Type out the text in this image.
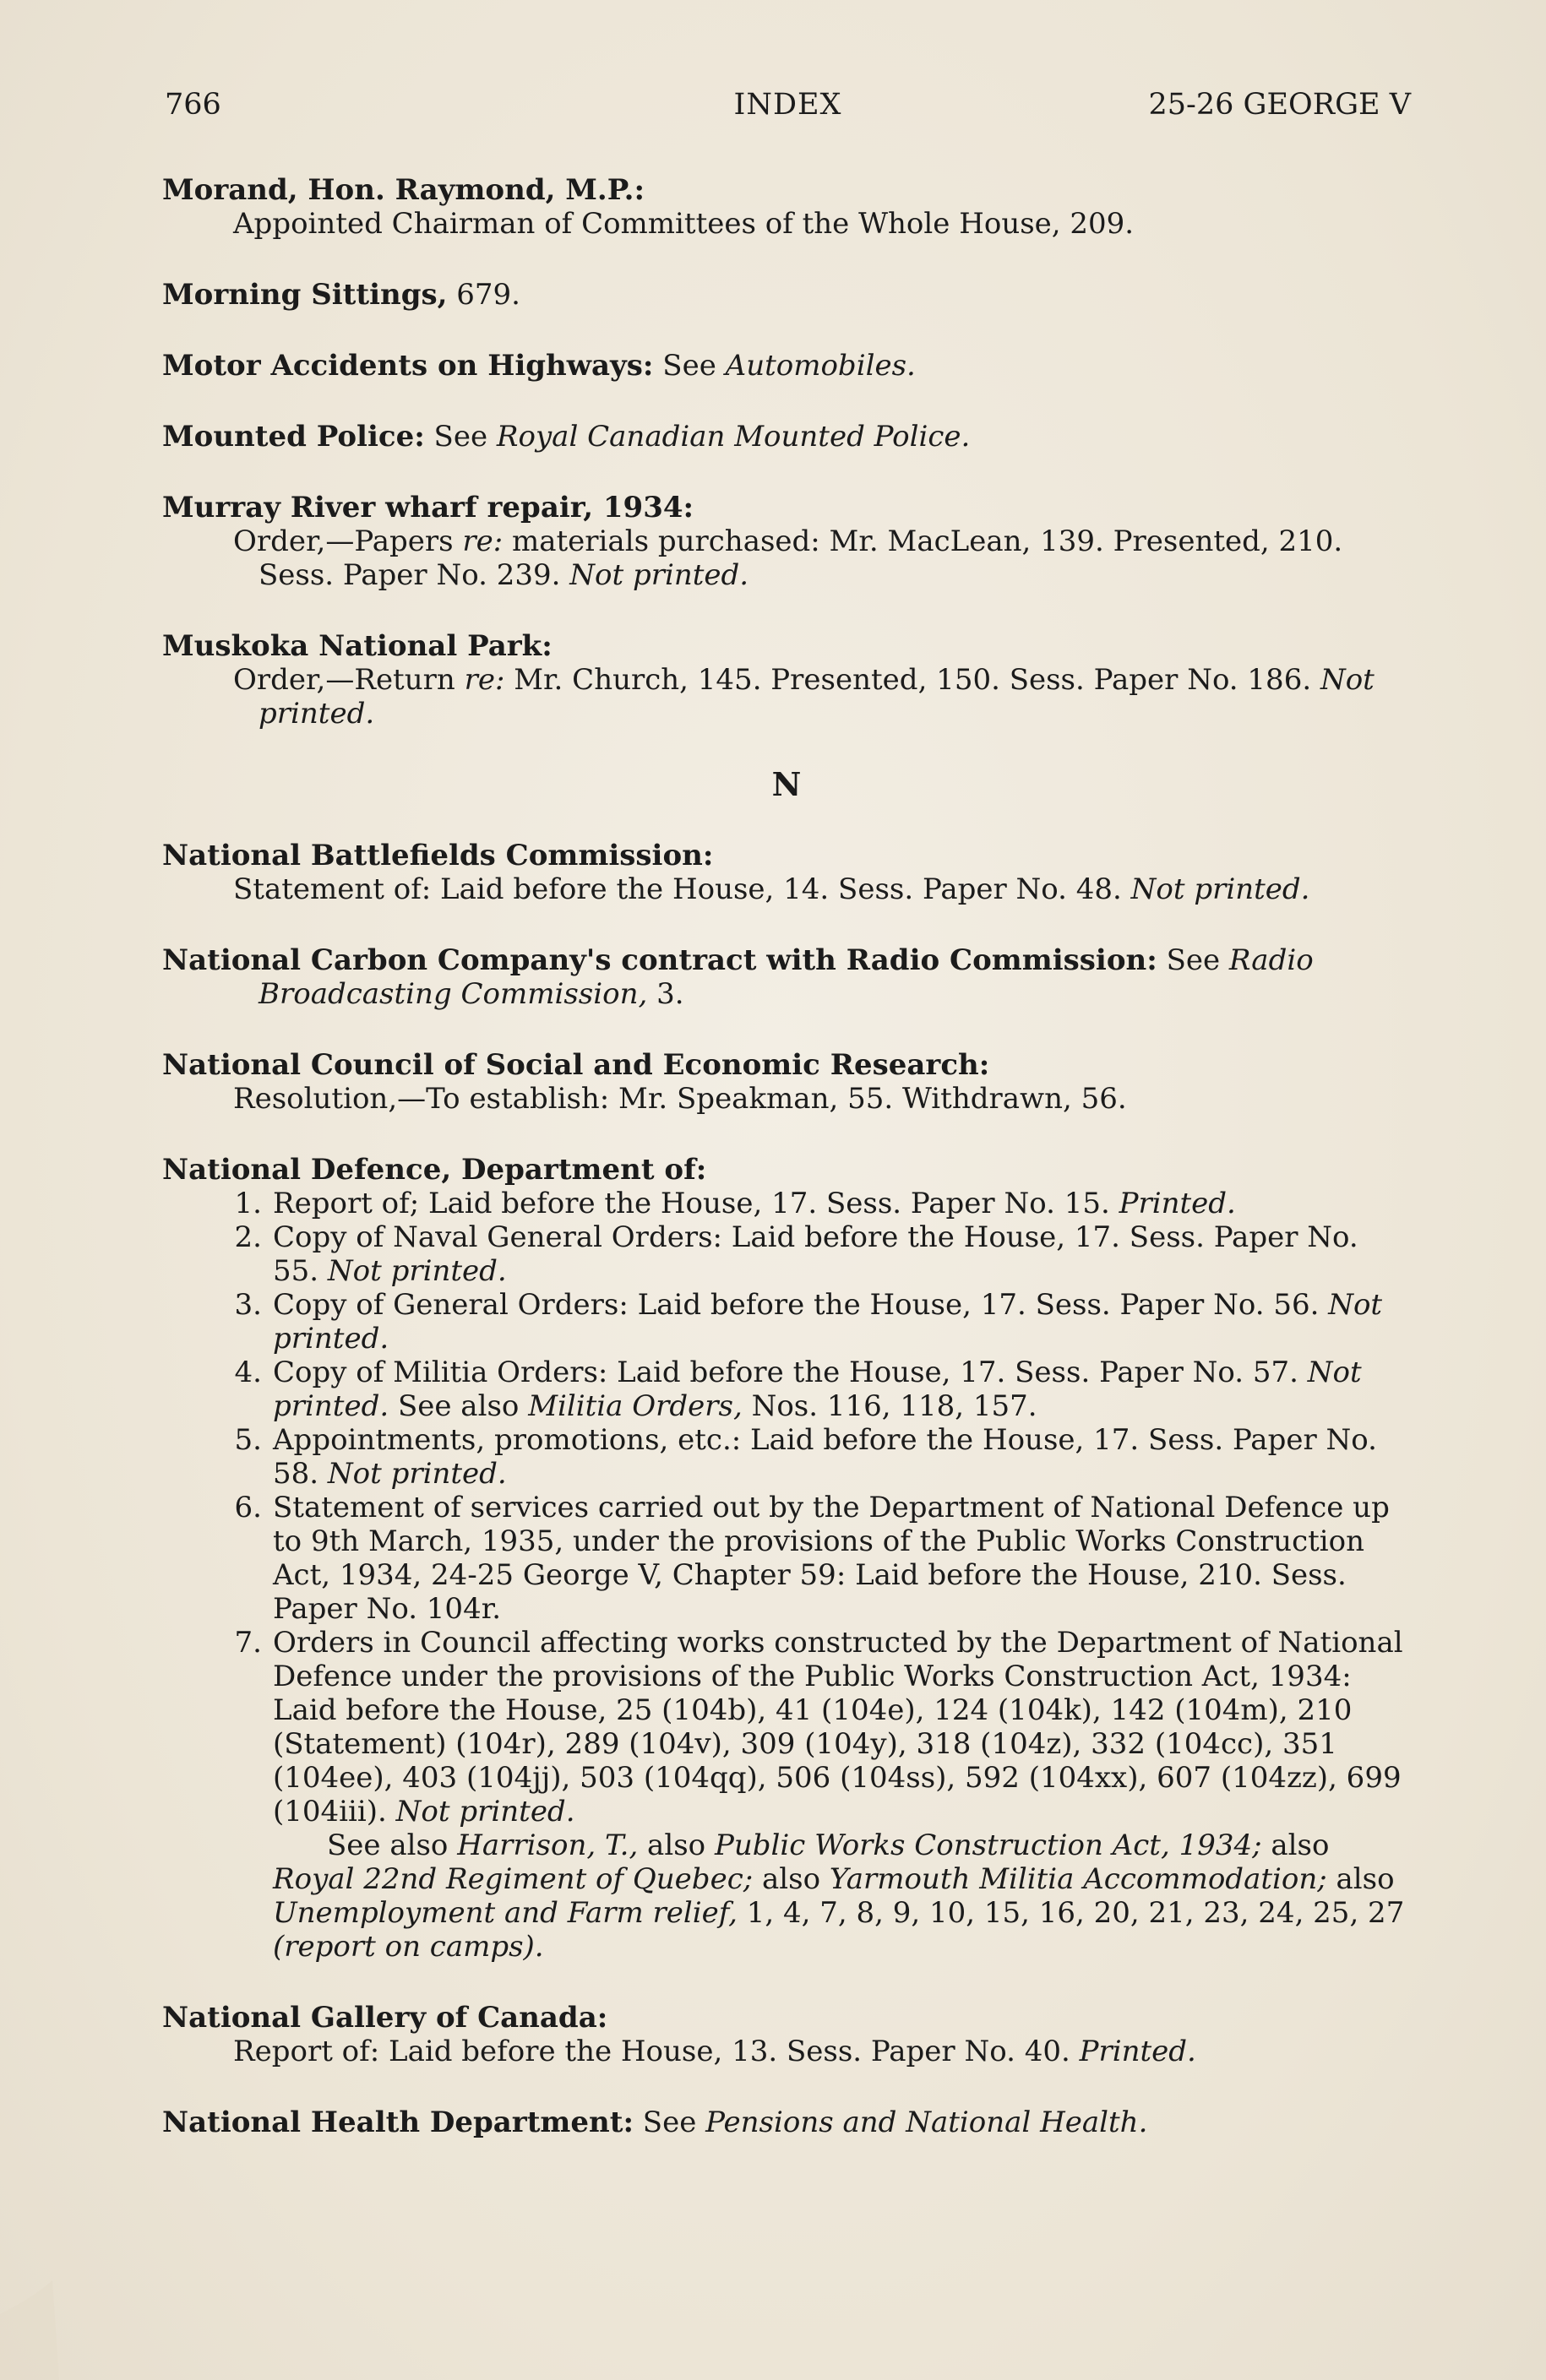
766	INDEX	25-26 GEORGE V
Morand, Hon. Raymond, M.P.:
Appointed Chairman of Committees of the Whole House, 209.
Morning Sittings, 679.
Motor Accidents on Highways: See Automobiles.
Mounted Police: See Royal Canadian Mounted Police.
Murray River wharf repair, 1934:
Order,—Papers re: materials purchased: Mr. MacLean, 139. Presented, 210. Sess. Paper No. 239. Not printed.
Muskoka National Park:
Order,—Return re: Mr. Church, 145. Presented, 150. Sess. Paper No. 186. Not printed.
N
National Battlefields Commission:
Statement of: Laid before the House, 14. Sess. Paper No. 48. Not printed.
National Carbon Company's contract with Radio Commission: See Radio Broadcasting Commission, 3.
National Council of Social and Economic Research:
Resolution,—To establish: Mr. Speakman, 55. Withdrawn, 56.
National Defence, Department of:
1. Report of; Laid before the House, 17. Sess. Paper No. 15. Printed.
2. Copy of Naval General Orders: Laid before the House, 17. Sess. Paper No. 55. Not printed.
3. Copy of General Orders: Laid before the House, 17. Sess. Paper No. 56. Not printed.
4. Copy of Militia Orders: Laid before the House, 17. Sess. Paper No. 57. Not printed. See also Militia Orders, Nos. 116, 118, 157.
5. Appointments, promotions, etc.: Laid before the House, 17. Sess. Paper No. 58. Not printed.
6. Statement of services carried out by the Department of National Defence up to 9th March, 1935, under the provisions of the Public Works Construction Act, 1934, 24-25 George V, Chapter 59: Laid before the House, 210. Sess. Paper No. 104r.
7. Orders in Council affecting works constructed by the Department of National Defence under the provisions of the Public Works Construction Act, 1934: Laid before the House, 25 (104b), 41 (104e), 124 (104k), 142 (104m), 210 (Statement) (104r), 289 (104v), 309 (104y), 318 (104z), 332 (104cc), 351 (104ee), 403 (104jj), 503 (104qq), 506 (104ss), 592 (104xx), 607 (104zz), 699 (104iii). Not printed.
See also Harrison, T., also Public Works Construction Act, 1934; also Royal 22nd Regiment of Quebec; also Yarmouth Militia Accommodation; also Unemployment and Farm relief, 1, 4, 7, 8, 9, 10, 15, 16, 20, 21, 23, 24, 25, 27 (report on camps).
National Gallery of Canada:
Report of: Laid before the House, 13. Sess. Paper No. 40. Printed.
National Health Department: See Pensions and National Health.
